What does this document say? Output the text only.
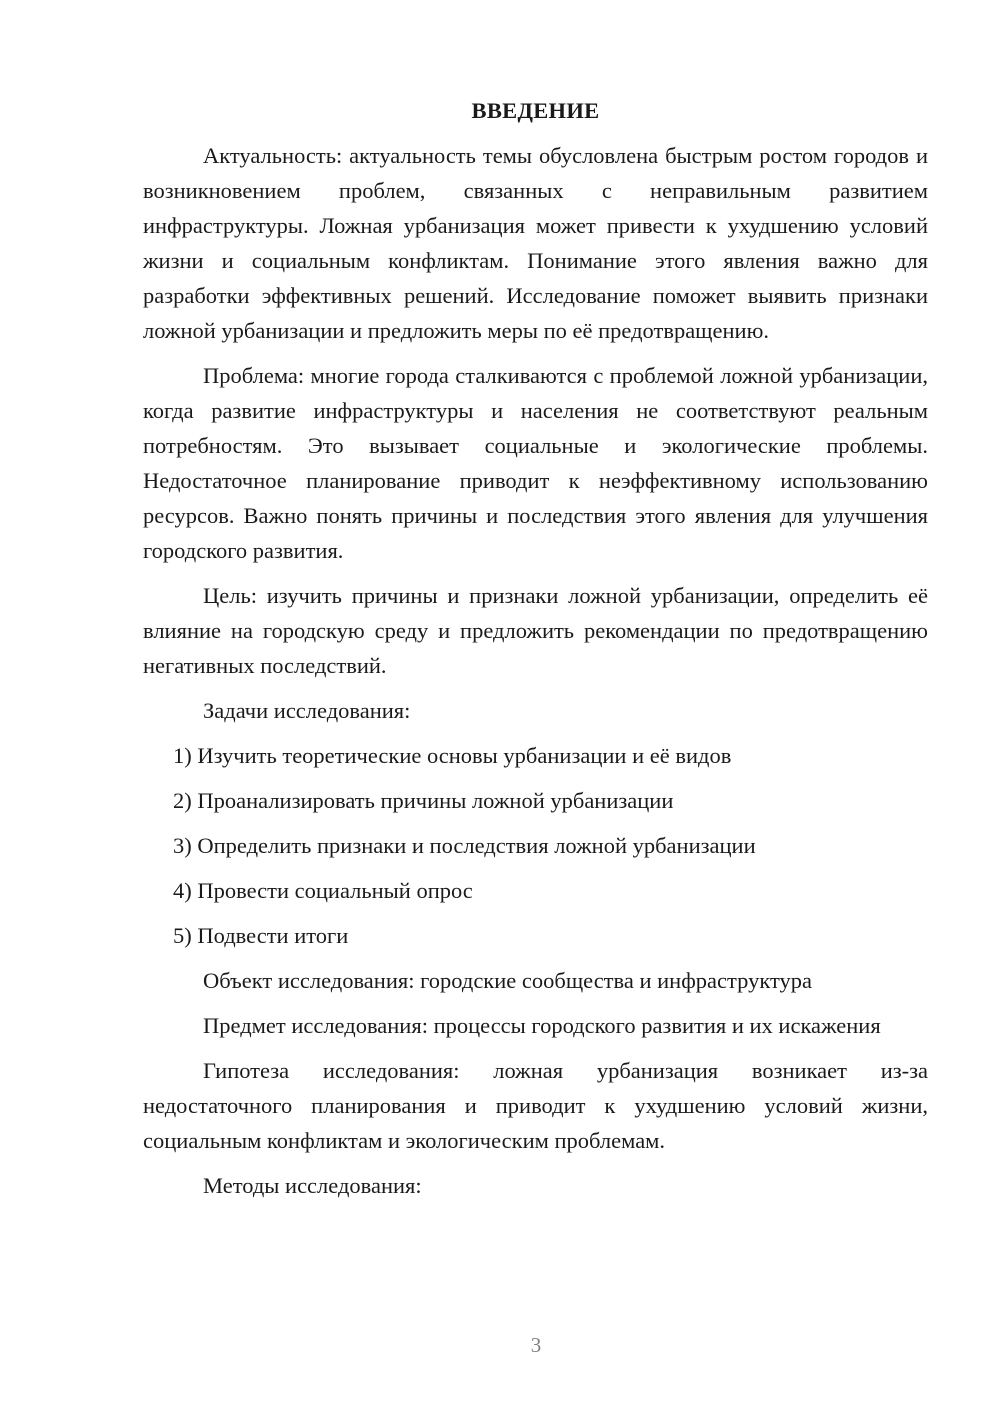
ВВЕДЕНИЕ

Актуальность: актуальность темы обусловлена быстрым ростом городов и возникновением проблем, связанных с неправильным развитием инфраструктуры. Ложная урбанизация может привести к ухудшению условий жизни и социальным конфликтам. Понимание этого явления важно для разработки эффективных решений. Исследование поможет выявить признаки ложной урбанизации и предложить меры по её предотвращению.

Проблема: многие города сталкиваются с проблемой ложной урбанизации, когда развитие инфраструктуры и населения не соответствуют реальным потребностям. Это вызывает социальные и экологические проблемы. Недостаточное планирование приводит к неэффективному использованию ресурсов. Важно понять причины и последствия этого явления для улучшения городского развития.

Цель: изучить причины и признаки ложной урбанизации, определить её влияние на городскую среду и предложить рекомендации по предотвращению негативных последствий.

Задачи исследования:

1) Изучить теоретические основы урбанизации и её видов

2) Проанализировать причины ложной урбанизации

3) Определить признаки и последствия ложной урбанизации

4) Провести социальный опрос

5) Подвести итоги

Объект исследования: городские сообщества и инфраструктура

Предмет исследования: процессы городского развития и их искажения

Гипотеза исследования: ложная урбанизация возникает из-за недостаточного планирования и приводит к ухудшению условий жизни, социальным конфликтам и экологическим проблемам.

Методы исследования:

3
